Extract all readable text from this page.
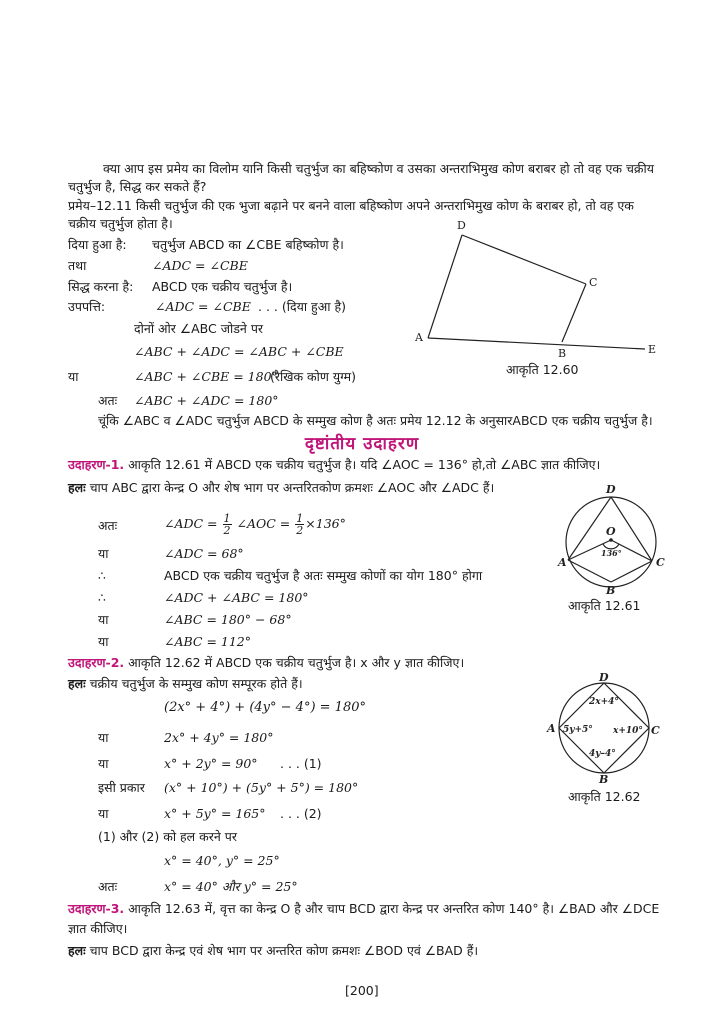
क्या आप इस प्रमेय का विलोम यानि किसी चतुर्भुज का बहिष्कोण व उसका अन्तराभिमुख कोण बराबर हो तो वह एक चक्रीय
चतुर्भुज है, सिद्ध कर सकते हैं?
प्रमेय–12.11 किसी चतुर्भुज की एक भुजा बढ़ाने पर बनने वाला बहिष्कोण अपने अन्तराभिमुख कोण के बराबर हो, तो वह एक
चक्रीय चतुर्भुज होता है।
दिया हुआ है: चतुर्भुज ABCD का ∠CBE बहिष्कोण है।
तथा	∠ADC = ∠CBE
सिद्ध करना है: ABCD एक चक्रीय चतुर्भुज है।
उपपत्ति:	∠ADC = ∠CBE . . . (दिया हुआ है)
दोनों ओर ∠ABC जोडने पर
∠ABC + ∠ADC = ∠ABC + ∠CBE
या	∠ABC + ∠CBE = 180°
(रैखिक कोण युग्म)
अतः ∠ABC + ∠ADC = 180°
चूंकि ∠ABC व ∠ADC चतुर्भुज ABCD के सम्मुख कोण है अतः प्रमेय 12.12 के अनुसारABCD एक चक्रीय चतुर्भुज है।
D
C
A
B	E
आकृति 12.60
दृष्टांतीय उदाहरण
उदाहरण-1. आकृति 12.61 में ABCD एक चक्रीय चतुर्भुज है। यदि ∠AOC = 136° हो,तो ∠ABC ज्ञात कीजिए।
हलः चाप ABC द्वारा केन्द्र O और शेष भाग पर अन्तरितकोण क्रमशः ∠AOC और ∠ADC हैं।
अतः	∠ADC = $\frac{1}{2}$ ∠AOC = $\frac{1}{2} \times 136^\circ$
या	∠ADC = 68°
∴	ABCD एक चक्रीय चतुर्भुज है अतः सम्मुख कोणों का योग 180° होगा
∴	∠ADC + ∠ABC = 180°
या	∠ABC = 180° − 68°
या	∠ABC = 112°
D
O
136°
A	C
B
आकृति 12.61
उदाहरण-2. आकृति 12.62 में ABCD एक चक्रीय चतुर्भुज है। x और y ज्ञात कीजिए।
हलः चक्रीय चतुर्भुज के सम्मुख कोण सम्पूरक होते हैं।
(2x° + 4°) + (4y° − 4°) = 180°
या	2x° + 4y° = 180°
या	x° + 2y° = 90° . . . (1)
इसी प्रकार (x° + 10°) + (5y° + 5°) = 180°
या	x° + 5y° = 165° . . . (2)
(1) और (2) को हल करने पर
x° = 40°, y° = 25°
अतः	x° = 40° और y° = 25°
D
2x+4°
A 5y+5° x+10° C
4y–4°
B
आकृति 12.62
उदाहरण-3. आकृति 12.63 में, वृत्त का केन्द्र O है और चाप BCD द्वारा केन्द्र पर अन्तरित कोण 140° है। ∠BAD और ∠DCE
ज्ञात कीजिए।
हलः चाप BCD द्वारा केन्द्र एवं शेष भाग पर अन्तरित कोण क्रमशः ∠BOD एवं ∠BAD हैं।
[200]
